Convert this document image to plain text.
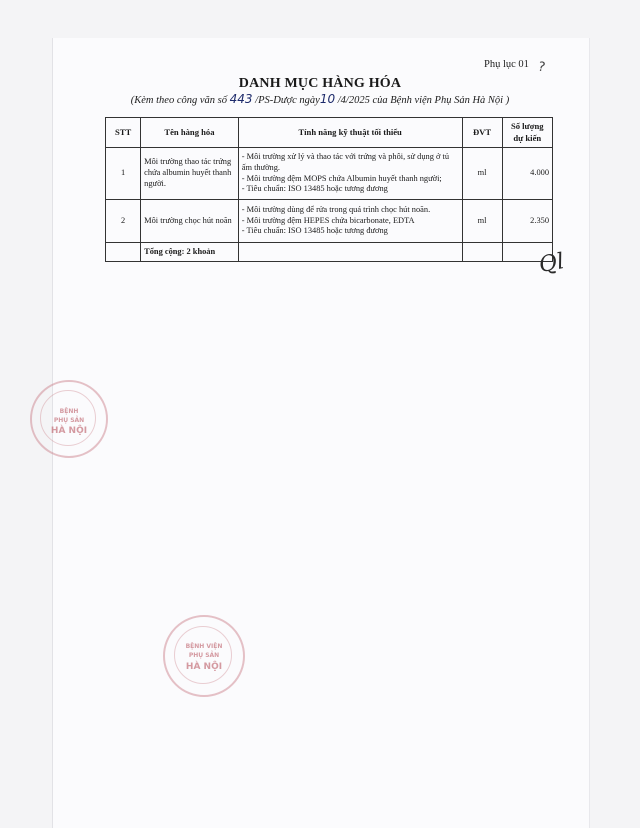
Phụ lục 01 ?
DANH MỤC HÀNG HÓA
(Kèm theo công văn số 443 /PS-Dược ngày10 /4/2025 của Bệnh viện Phụ Sản Hà Nội )
STT	Tên hàng hóa	Tính năng kỹ thuật tối thiểu	ĐVT	Số lượng dự kiến
1	Môi trường thao tác trứng chứa albumin huyết thanh người.	- Môi trường xử lý và thao tác với trứng và phôi, sử dụng ở tủ ấm thường.
- Môi trường đệm MOPS chứa Albumin huyết thanh người;
- Tiêu chuẩn: ISO 13485 hoặc tương đương	ml	4.000
2	Môi trường chọc hút noãn	- Môi trường dùng để rửa trong quá trình chọc hút noãn.
- Môi trường đệm HEPES chứa bicarbonate, EDTA
- Tiêu chuẩn: ISO 13485 hoặc tương đương	ml	2.350
	Tổng cộng: 2 khoản				Ql
BỆNH
PHỤ SẢN
HÀ NỘI
BỆNH VIỆN
PHỤ SẢN
HÀ NỘI
